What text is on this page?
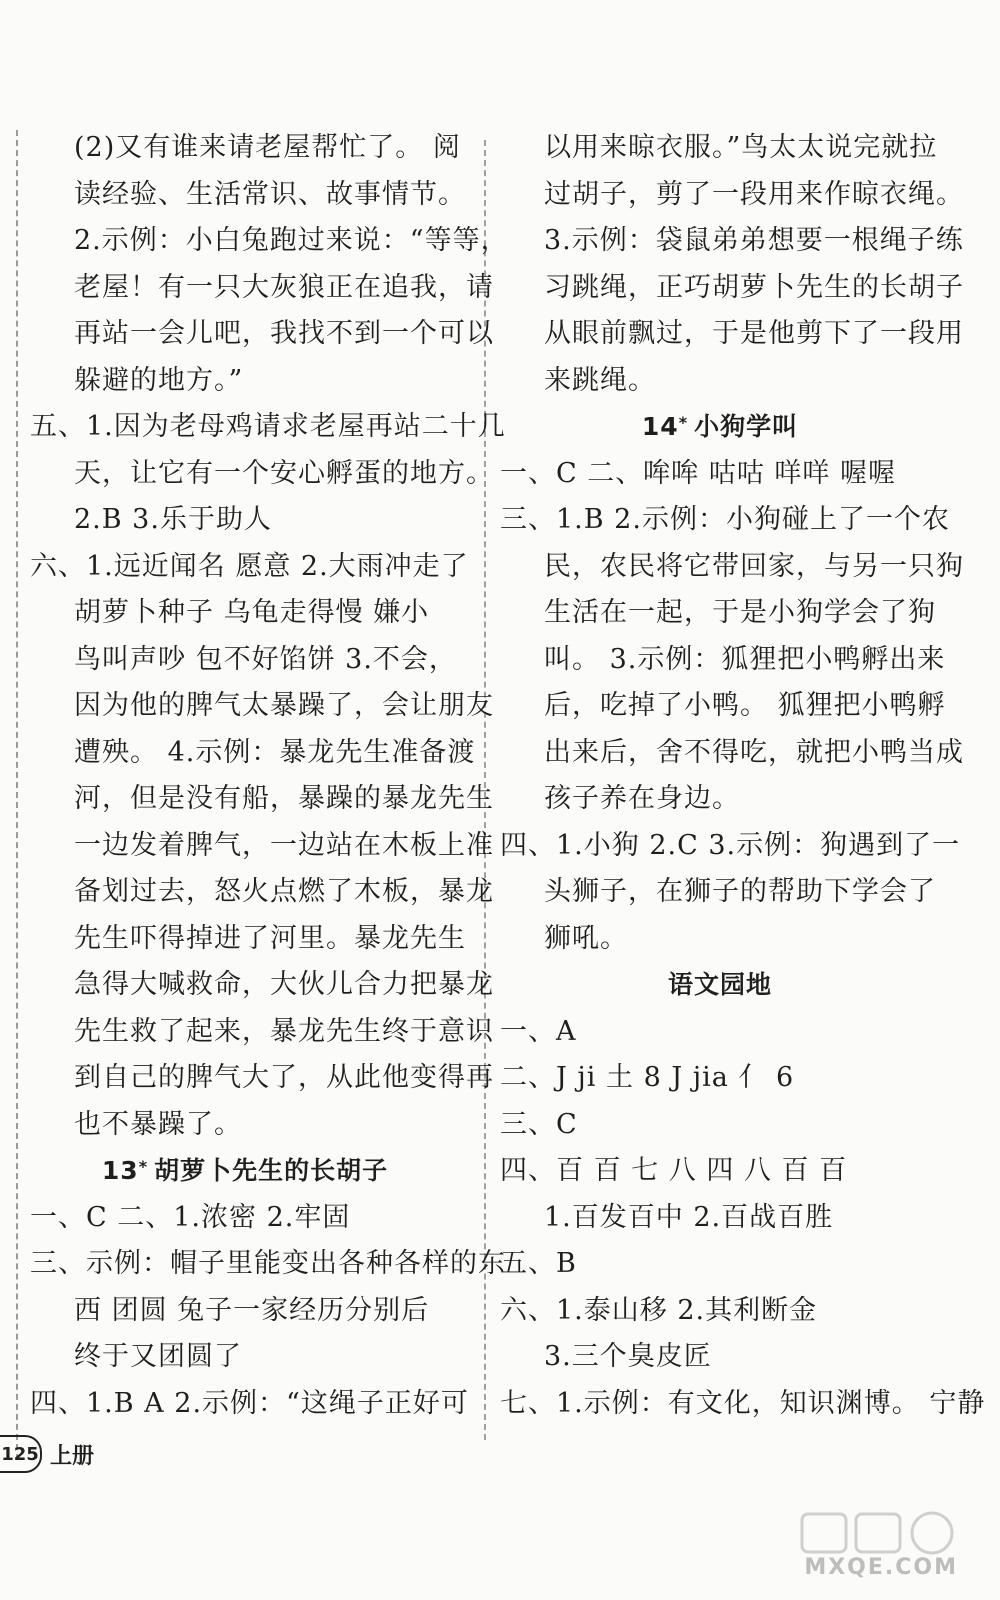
(2)又有谁来请老屋帮忙了。 阅
读经验、生活常识、故事情节。
2.示例：小白兔跑过来说：“等等，
老屋！有一只大灰狼正在追我，请
再站一会儿吧，我找不到一个可以
躲避的地方。”
五、1.因为老母鸡请求老屋再站二十几
天，让它有一个安心孵蛋的地方。
2.B 3.乐于助人
六、1.远近闻名 愿意 2.大雨冲走了
胡萝卜种子 乌龟走得慢 嫌小
鸟叫声吵 包不好馅饼 3.不会，
因为他的脾气太暴躁了，会让朋友
遭殃。 4.示例：暴龙先生准备渡
河，但是没有船，暴躁的暴龙先生
一边发着脾气，一边站在木板上准
备划过去，怒火点燃了木板，暴龙
先生吓得掉进了河里。暴龙先生
急得大喊救命，大伙儿合力把暴龙
先生救了起来，暴龙先生终于意识
到自己的脾气大了，从此他变得再
也不暴躁了。
13* 胡萝卜先生的长胡子
一、C 二、1.浓密 2.牢固
三、示例：帽子里能变出各种各样的东
西 团圆 兔子一家经历分别后
终于又团圆了
四、1.B A 2.示例：“这绳子正好可
以用来晾衣服。”鸟太太说完就拉
过胡子，剪了一段用来作晾衣绳。
3.示例：袋鼠弟弟想要一根绳子练
习跳绳，正巧胡萝卜先生的长胡子
从眼前飘过，于是他剪下了一段用
来跳绳。
14* 小狗学叫
一、C 二、哞哞 咕咕 咩咩 喔喔
三、1.B 2.示例：小狗碰上了一个农
民，农民将它带回家，与另一只狗
生活在一起，于是小狗学会了狗
叫。 3.示例：狐狸把小鸭孵出来
后，吃掉了小鸭。 狐狸把小鸭孵
出来后，舍不得吃，就把小鸭当成
孩子养在身边。
四、1.小狗 2.C 3.示例：狗遇到了一
头狮子，在狮子的帮助下学会了
狮吼。
语文园地
一、A
二、J ji 土 8 J jia 亻 6
三、C
四、百 百 七 八 四 八 百 百
1.百发百中 2.百战百胜
五、B
六、1.泰山移 2.其利断金
3.三个臭皮匠
七、1.示例：有文化，知识渊博。 宁静
125 上册
MXQE.COM
